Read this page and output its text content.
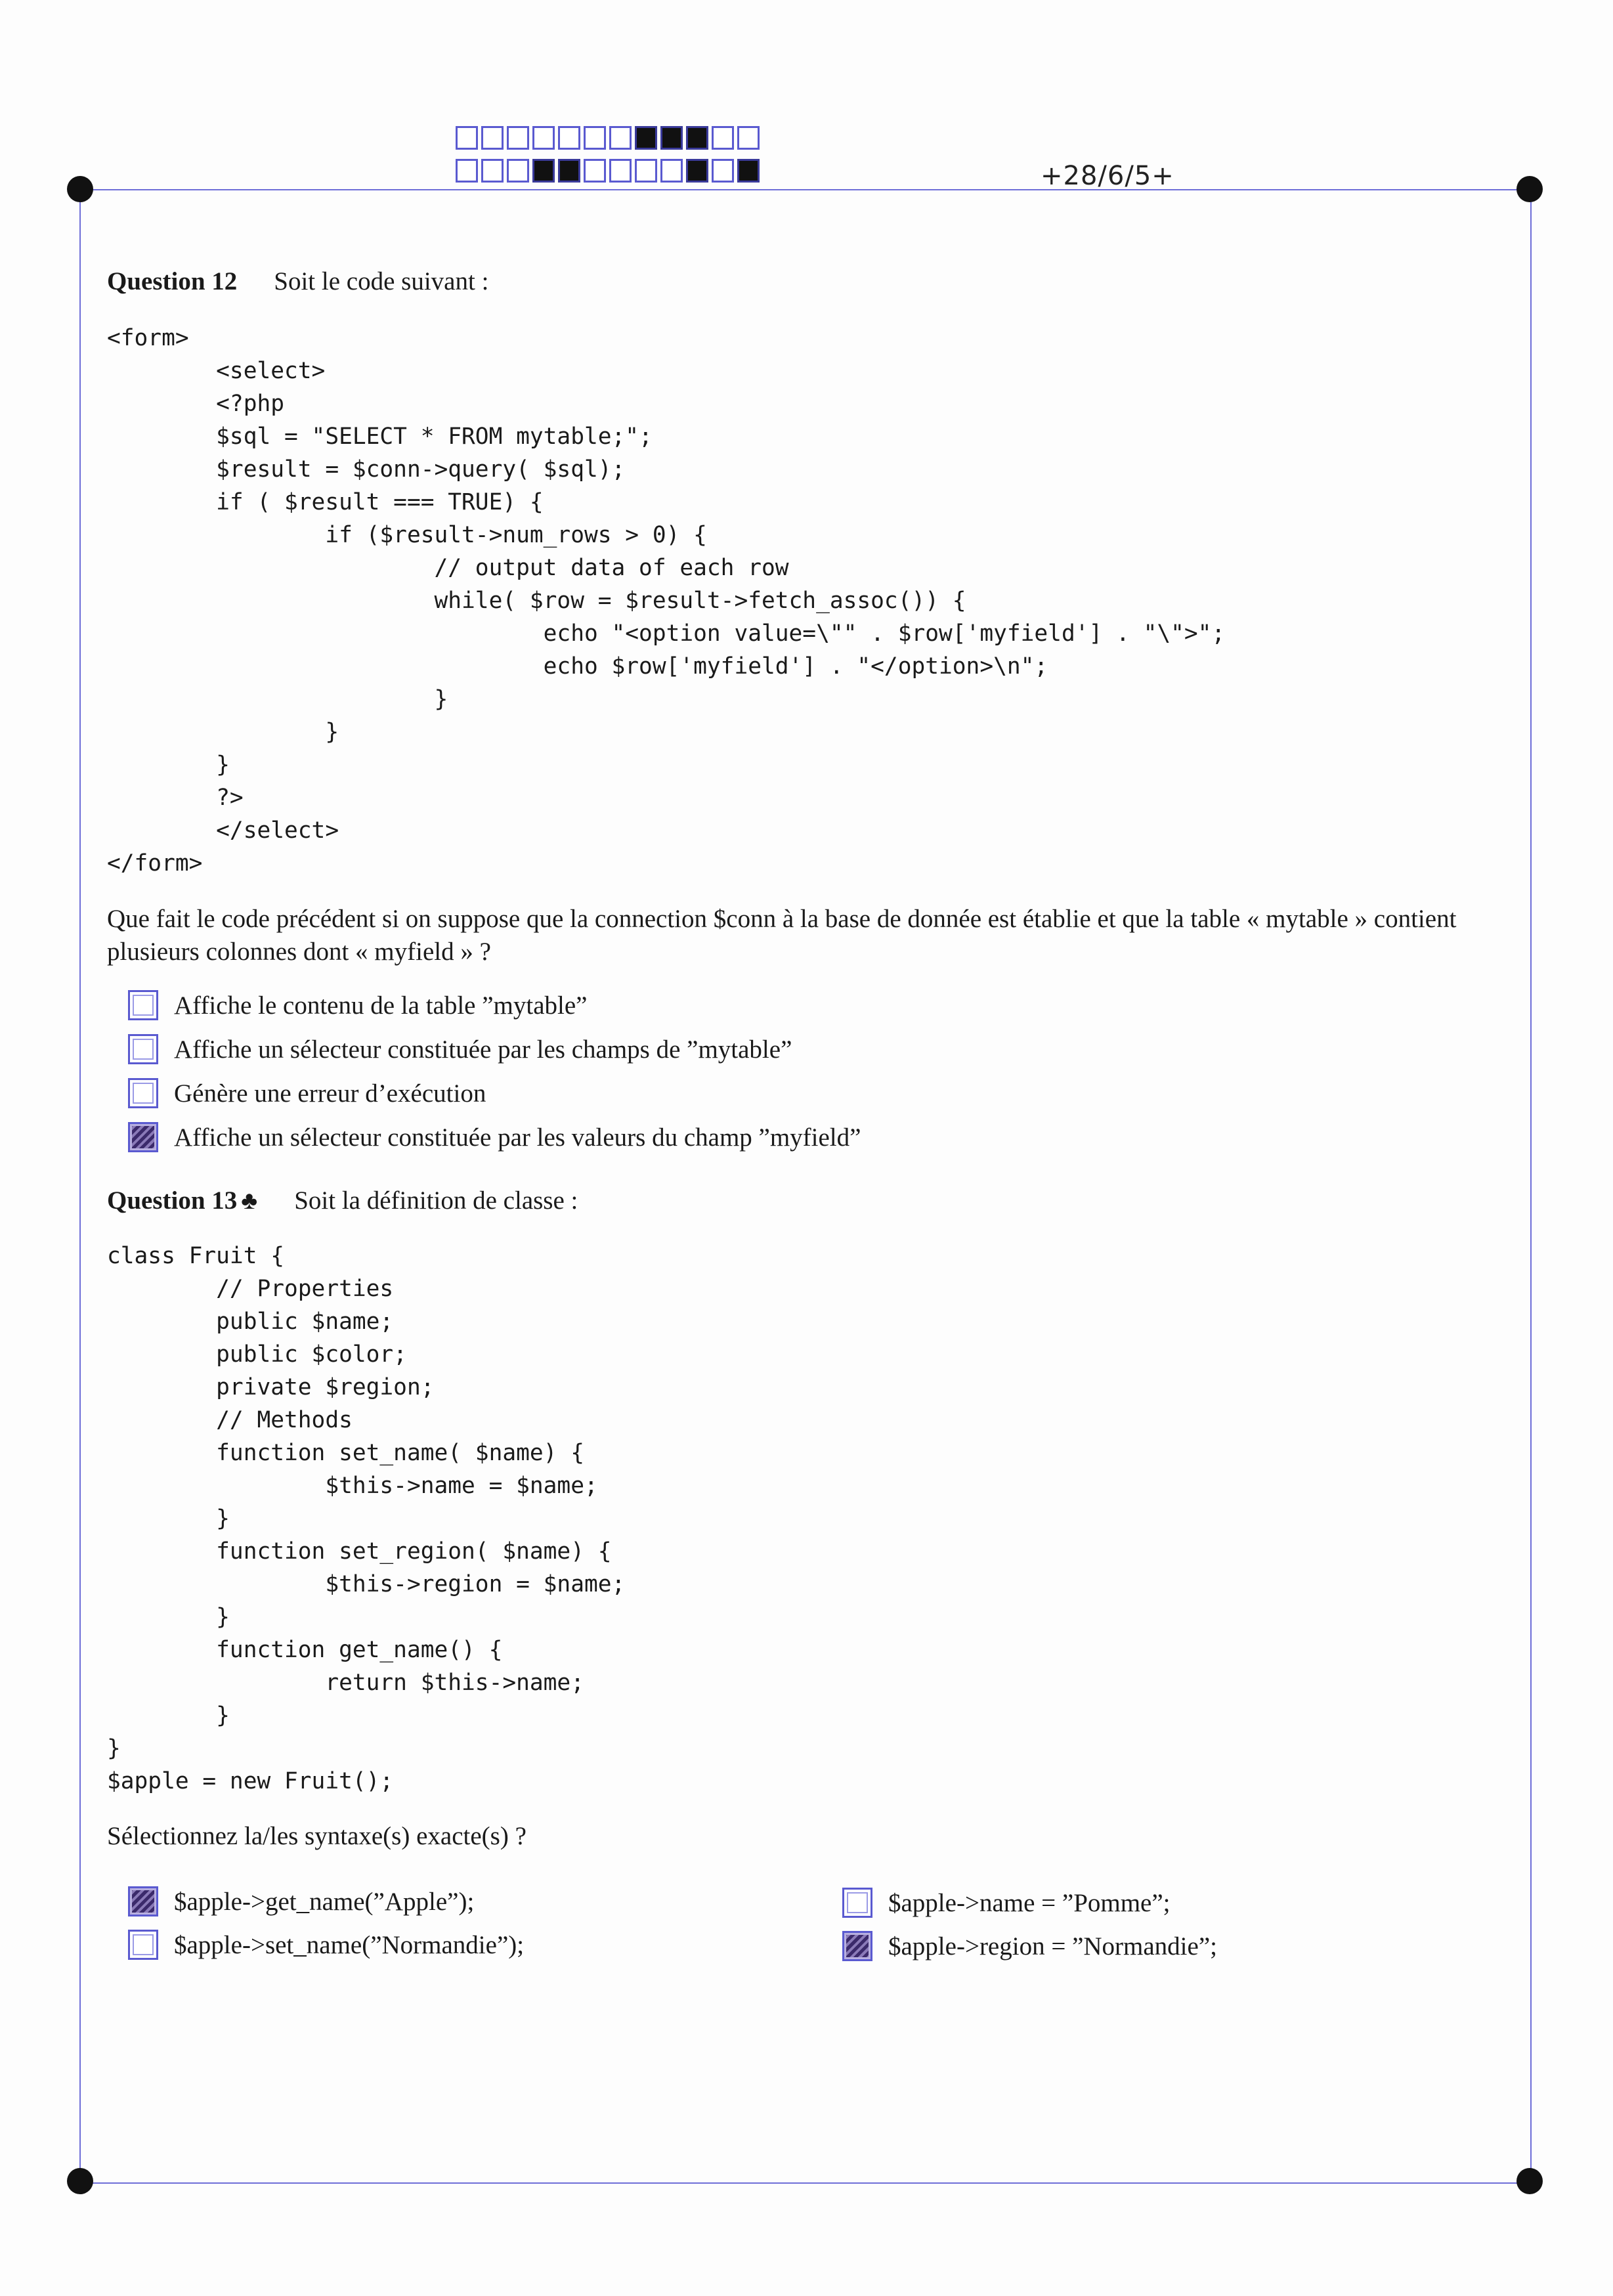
+28/6/5+
Question 12 Soit le code suivant :
<form>
<select>
<?php
$sql = "SELECT * FROM mytable;";
$result = $conn->query( $sql);
if ( $result === TRUE) {
if ($result->num_rows > 0) {
// output data of each row
while( $row = $result->fetch_assoc()) {
echo "<option value=\"" . $row['myfield'] . "\">";
echo $row['myfield'] . "</option>\n";
}
}
}
?>
</select>
</form>
Que fait le code précédent si on suppose que la connection $conn à la base de donnée est établie et que la table « mytable » contient plusieurs colonnes dont « myfield » ?
Affiche le contenu de la table ”mytable”
Affiche un sélecteur constituée par les champs de ”mytable”
Génère une erreur d’exécution
Affiche un sélecteur constituée par les valeurs du champ ”myfield”
Question 13 ♣ Soit la définition de classe :
class Fruit {
// Properties
public $name;
public $color;
private $region;
// Methods
function set_name( $name) {
$this->name = $name;
}
function set_region( $name) {
$this->region = $name;
}
function get_name() {
return $this->name;
}
}
$apple = new Fruit();
Sélectionnez la/les syntaxe(s) exacte(s) ?
$apple->get_name(”Apple”);
$apple->set_name(”Normandie”);
$apple->name = ”Pomme”;
$apple->region = ”Normandie”;
